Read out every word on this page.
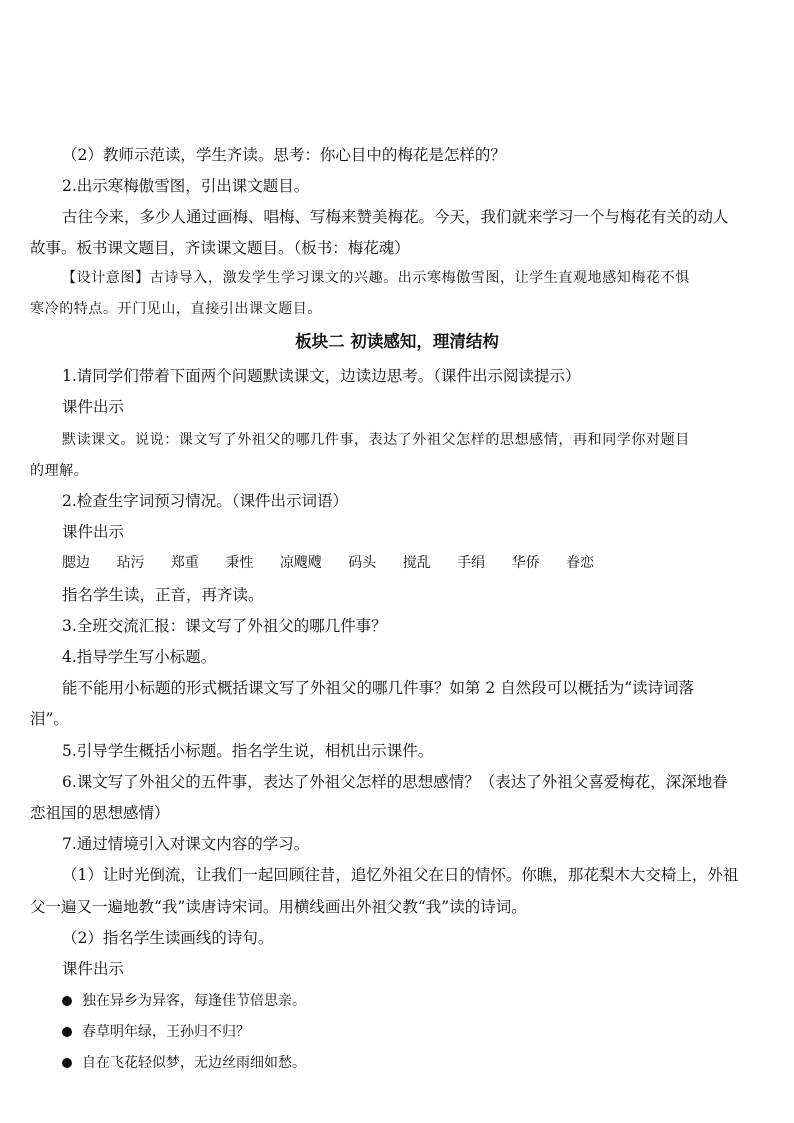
（2）教师示范读，学生齐读。思考：你心目中的梅花是怎样的？
2.出示寒梅傲雪图，引出课文题目。
古往今来，多少人通过画梅、唱梅、写梅来赞美梅花。今天，我们就来学习一个与梅花有关的动人
故事。板书课文题目，齐读课文题目。（板书：梅花魂）
【设计意图】古诗导入，激发学生学习课文的兴趣。出示寒梅傲雪图，让学生直观地感知梅花不惧
寒冷的特点。开门见山，直接引出课文题目。
板块二 初读感知，理清结构
1.请同学们带着下面两个问题默读课文，边读边思考。（课件出示阅读提示）
课件出示
默读课文。说说：课文写了外祖父的哪几件事，表达了外祖父怎样的思想感情，再和同学你对题目
的理解。
2.检查生字词预习情况。（课件出示词语）
课件出示
腮边 玷污 郑重 秉性 凉飕飕 码头 搅乱 手绢 华侨 眷恋
指名学生读，正音，再齐读。
3.全班交流汇报：课文写了外祖父的哪几件事？
4.指导学生写小标题。
能不能用小标题的形式概括课文写了外祖父的哪几件事？如第 2 自然段可以概括为“读诗词落
泪”。
5.引导学生概括小标题。指名学生说，相机出示课件。
6.课文写了外祖父的五件事，表达了外祖父怎样的思想感情？（表达了外祖父喜爱梅花，深深地眷
恋祖国的思想感情）
7.通过情境引入对课文内容的学习。
（1）让时光倒流，让我们一起回顾往昔，追忆外祖父在日的情怀。你瞧，那花梨木大交椅上，外祖
父一遍又一遍地教“我”读唐诗宋词。用横线画出外祖父教“我”读的诗词。
（2）指名学生读画线的诗句。
课件出示
独在异乡为异客，每逢佳节倍思亲。
春草明年绿，王孙归不归？
自在飞花轻似梦，无边丝雨细如愁。
